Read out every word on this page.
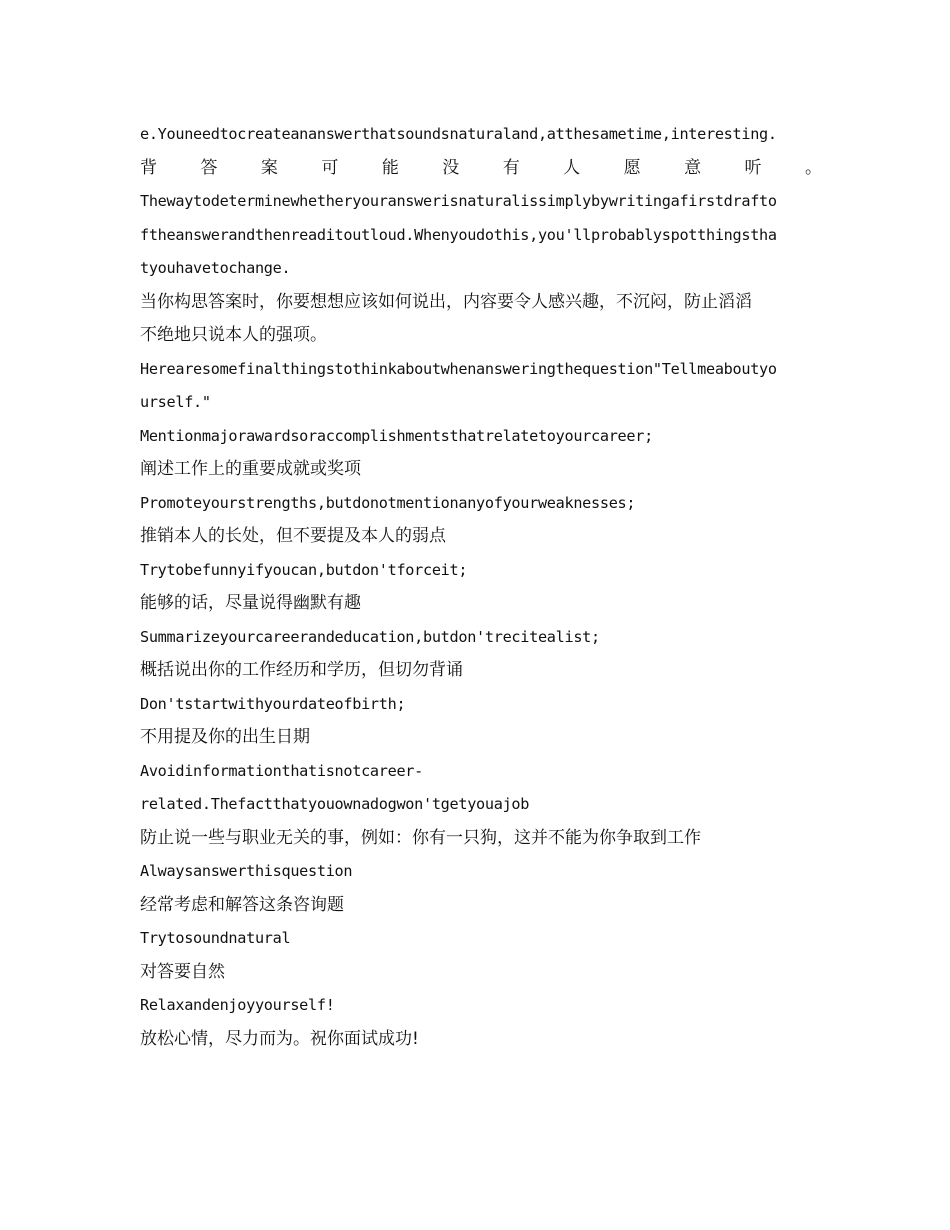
e.Youneedtocreateananswerthatsoundsnaturaland,atthesametime,interesting.
背	答	案	可	能	没	有	人	愿	意	听	。
Thewaytodeterminewhetheryouranswerisnaturalissimplybywritingafirstdrafto
ftheanswerandthenreaditoutloud.Whenyoudothis,you'llprobablyspotthingstha
tyouhavetochange.
当你构思答案时，你要想想应该如何说出，内容要令人感兴趣，不沉闷，防止滔滔
不绝地只说本人的强项。
Herearesomefinalthingstothinkaboutwhenansweringthequestion"Tellmeaboutyo
urself."
Mentionmajorawardsoraccomplishmentsthatrelatetoyourcareer;
阐述工作上的重要成就或奖项
Promoteyourstrengths,butdonotmentionanyofyourweaknesses;
推销本人的长处，但不要提及本人的弱点
Trytobefunnyifyoucan,butdon'tforceit;
能够的话，尽量说得幽默有趣
Summarizeyourcareerandeducation,butdon'trecitealist;
概括说出你的工作经历和学历，但切勿背诵
Don'tstartwithyourdateofbirth;
不用提及你的出生日期
Avoidinformationthatisnotcareer-
related.Thefactthatyouownadogwon'tgetyouajob
防止说一些与职业无关的事，例如：你有一只狗，这并不能为你争取到工作
Alwaysanswerthisquestion
经常考虑和解答这条咨询题
Trytosoundnatural
对答要自然
Relaxandenjoyyourself!
放松心情，尽力而为。祝你面试成功!
